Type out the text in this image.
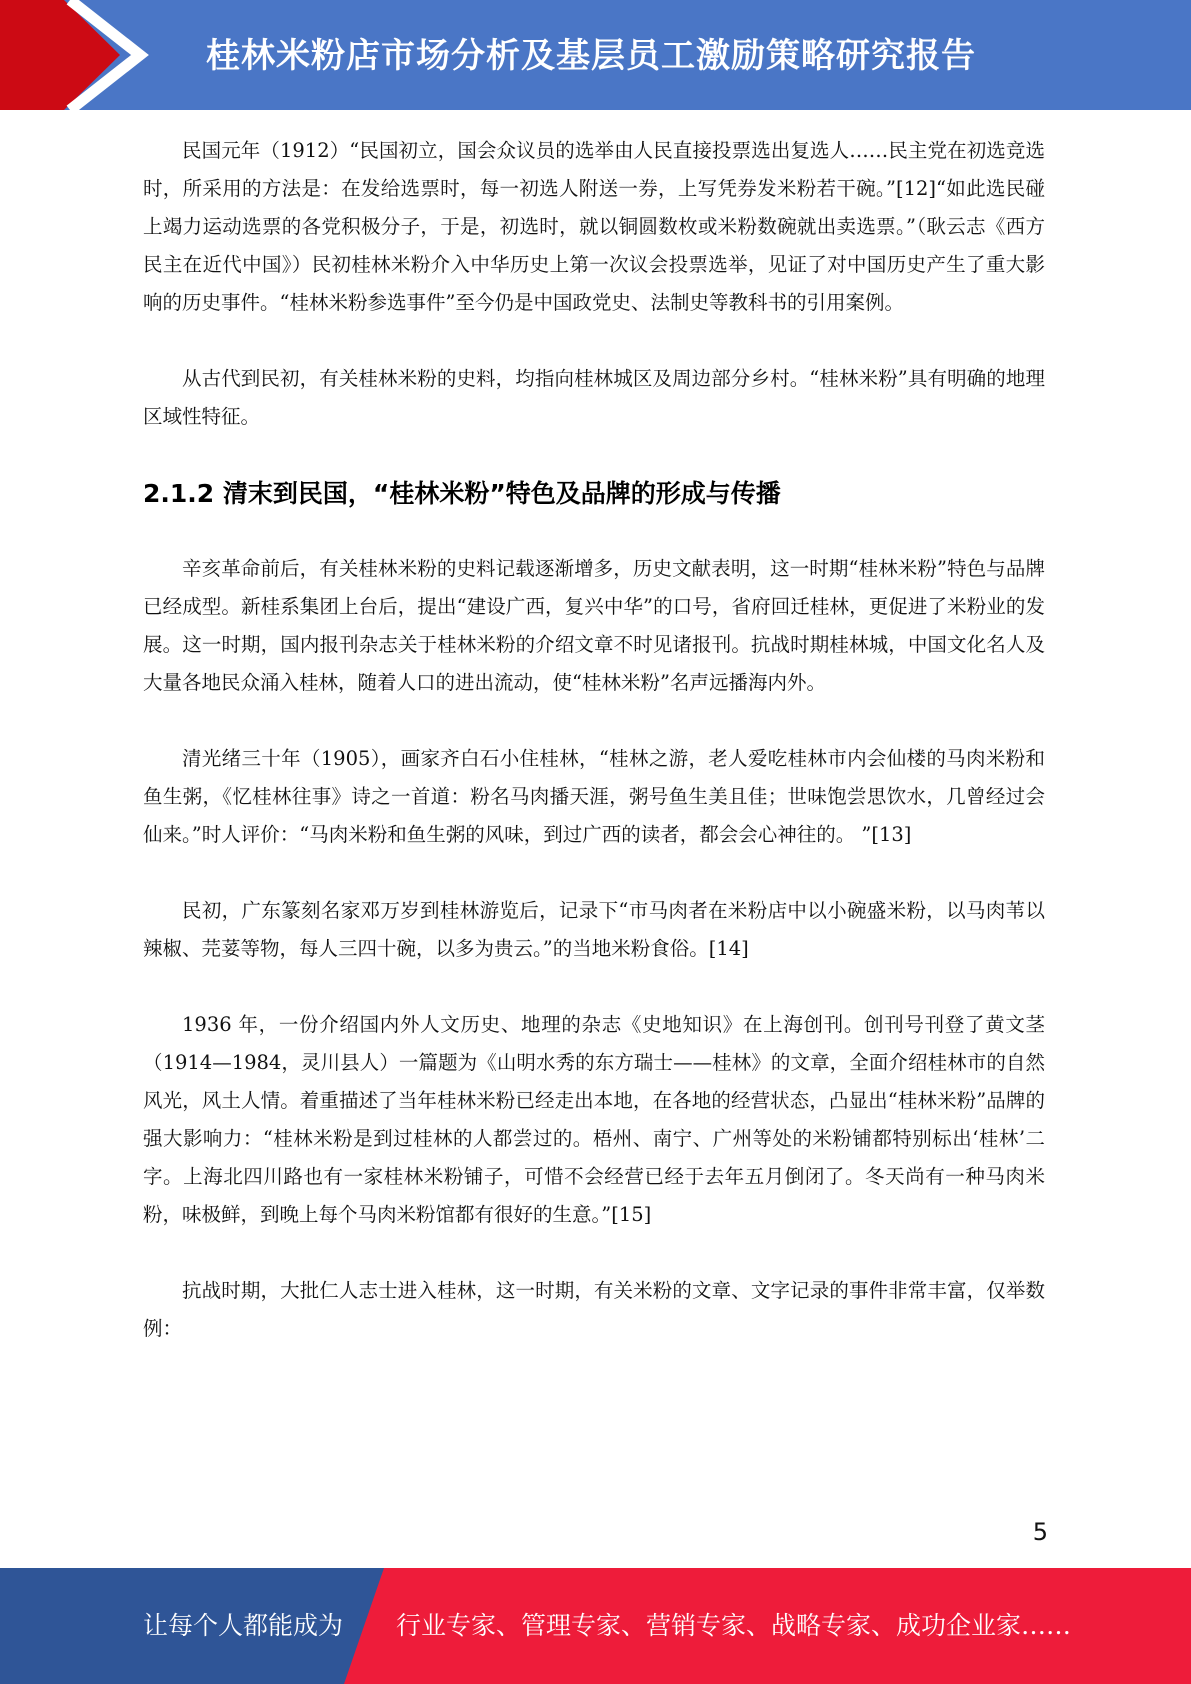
桂林米粉店市场分析及基层员工激励策略研究报告

民国元年（1912）“民国初立，国会众议员的选举由人民直接投票选出复选人……民主党在初选竞选时，所采用的方法是：在发给选票时，每一初选人附送一券，上写凭券发米粉若干碗。”[12]“如此选民碰上竭力运动选票的各党积极分子，于是，初选时，就以铜圆数枚或米粉数碗就出卖选票。”（耿云志《西方民主在近代中国》）民初桂林米粉介入中华历史上第一次议会投票选举，见证了对中国历史产生了重大影响的历史事件。“桂林米粉参选事件”至今仍是中国政党史、法制史等教科书的引用案例。

从古代到民初，有关桂林米粉的史料，均指向桂林城区及周边部分乡村。“桂林米粉”具有明确的地理区域性特征。

2.1.2 清末到民国，“桂林米粉”特色及品牌的形成与传播

辛亥革命前后，有关桂林米粉的史料记载逐渐增多，历史文献表明，这一时期“桂林米粉”特色与品牌已经成型。新桂系集团上台后，提出“建设广西，复兴中华”的口号，省府回迁桂林，更促进了米粉业的发展。这一时期，国内报刊杂志关于桂林米粉的介绍文章不时见诸报刊。抗战时期桂林城，中国文化名人及大量各地民众涌入桂林，随着人口的进出流动，使“桂林米粉”名声远播海内外。

清光绪三十年（1905），画家齐白石小住桂林，“桂林之游，老人爱吃桂林市内会仙楼的马肉米粉和鱼生粥，《忆桂林往事》诗之一首道：粉名马肉播天涯，粥号鱼生美且佳；世味饱尝思饮水，几曾经过会仙来。”时人评价：“马肉米粉和鱼生粥的风味，到过广西的读者，都会会心神往的。 ”[13]

民初，广东篆刻名家邓万岁到桂林游览后，记录下“市马肉者在米粉店中以小碗盛米粉，以马肉苇以辣椒、芫荽等物，每人三四十碗，以多为贵云。”的当地米粉食俗。[14]

1936 年，一份介绍国内外人文历史、地理的杂志《史地知识》在上海创刊。创刊号刊登了黄文茎（1914—1984，灵川县人）一篇题为《山明水秀的东方瑞士——桂林》的文章，全面介绍桂林市的自然风光，风土人情。着重描述了当年桂林米粉已经走出本地，在各地的经营状态，凸显出“桂林米粉”品牌的强大影响力：“桂林米粉是到过桂林的人都尝过的。梧州、南宁、广州等处的米粉铺都特别标出‘桂林’二字。上海北四川路也有一家桂林米粉铺子，可惜不会经营已经于去年五月倒闭了。冬天尚有一种马肉米粉，味极鲜，到晚上每个马肉米粉馆都有很好的生意。”[15]

抗战时期，大批仁人志士进入桂林，这一时期，有关米粉的文章、文字记录的事件非常丰富，仅举数例：

5
让每个人都能成为 行业专家、管理专家、营销专家、战略专家、成功企业家……
